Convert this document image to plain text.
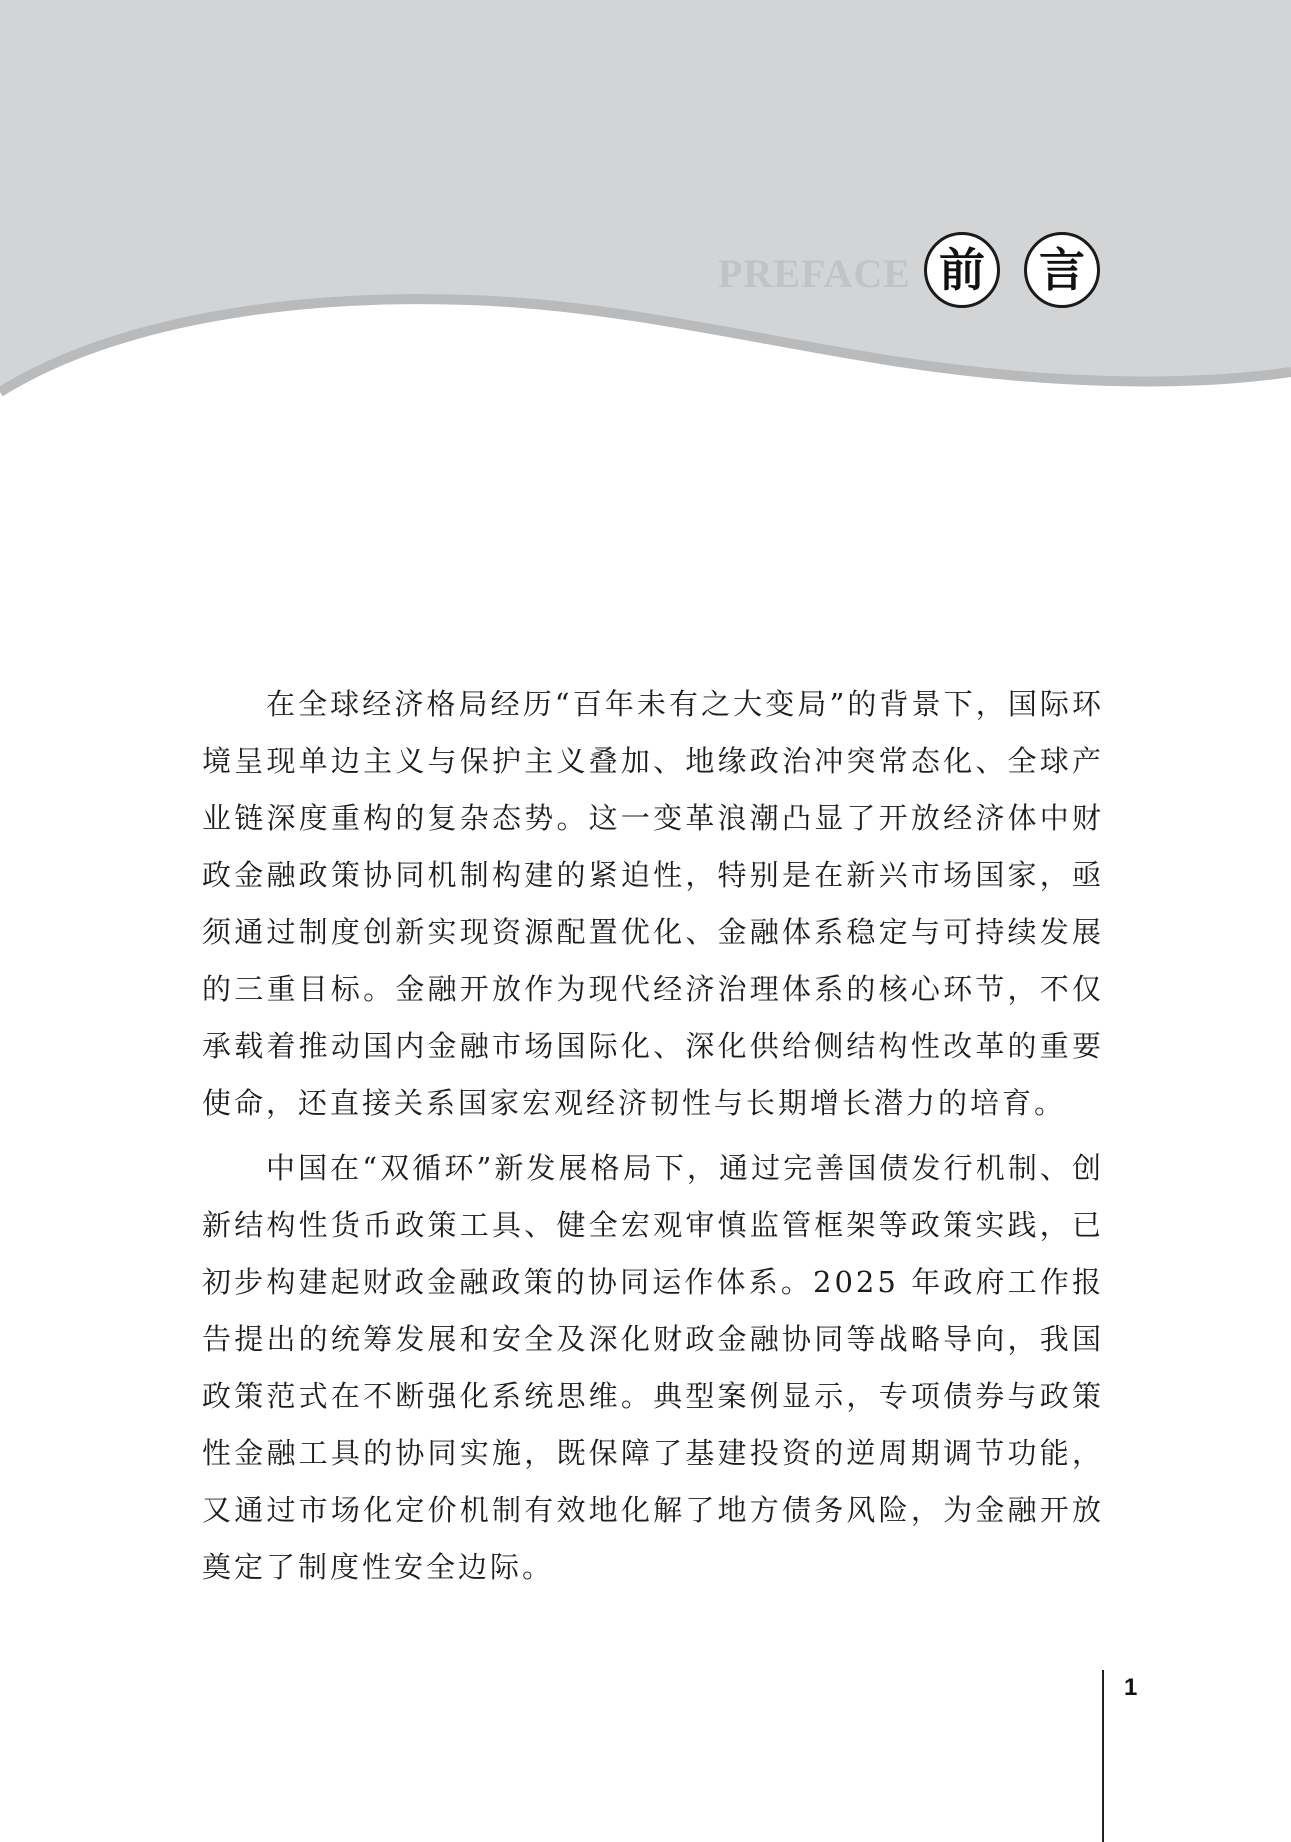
PREFACE 前	言

在全球经济格局经历“百年未有之大变局”的背景下，国际环境呈现单边主义与保护主义叠加、地缘政治冲突常态化、全球产业链深度重构的复杂态势。这一变革浪潮凸显了开放经济体中财政金融政策协同机制构建的紧迫性，特别是在新兴市场国家，亟须通过制度创新实现资源配置优化、金融体系稳定与可持续发展的三重目标。金融开放作为现代经济治理体系的核心环节，不仅承载着推动国内金融市场国际化、深化供给侧结构性改革的重要使命，还直接关系国家宏观经济韧性与长期增长潜力的培育。

中国在“双循环”新发展格局下，通过完善国债发行机制、创新结构性货币政策工具、健全宏观审慎监管框架等政策实践，已初步构建起财政金融政策的协同运作体系。2025 年政府工作报告提出的统筹发展和安全及深化财政金融协同等战略导向，我国政策范式在不断强化系统思维。典型案例显示，专项债券与政策性金融工具的协同实施，既保障了基建投资的逆周期调节功能，又通过市场化定价机制有效地化解了地方债务风险，为金融开放奠定了制度性安全边际。

1
